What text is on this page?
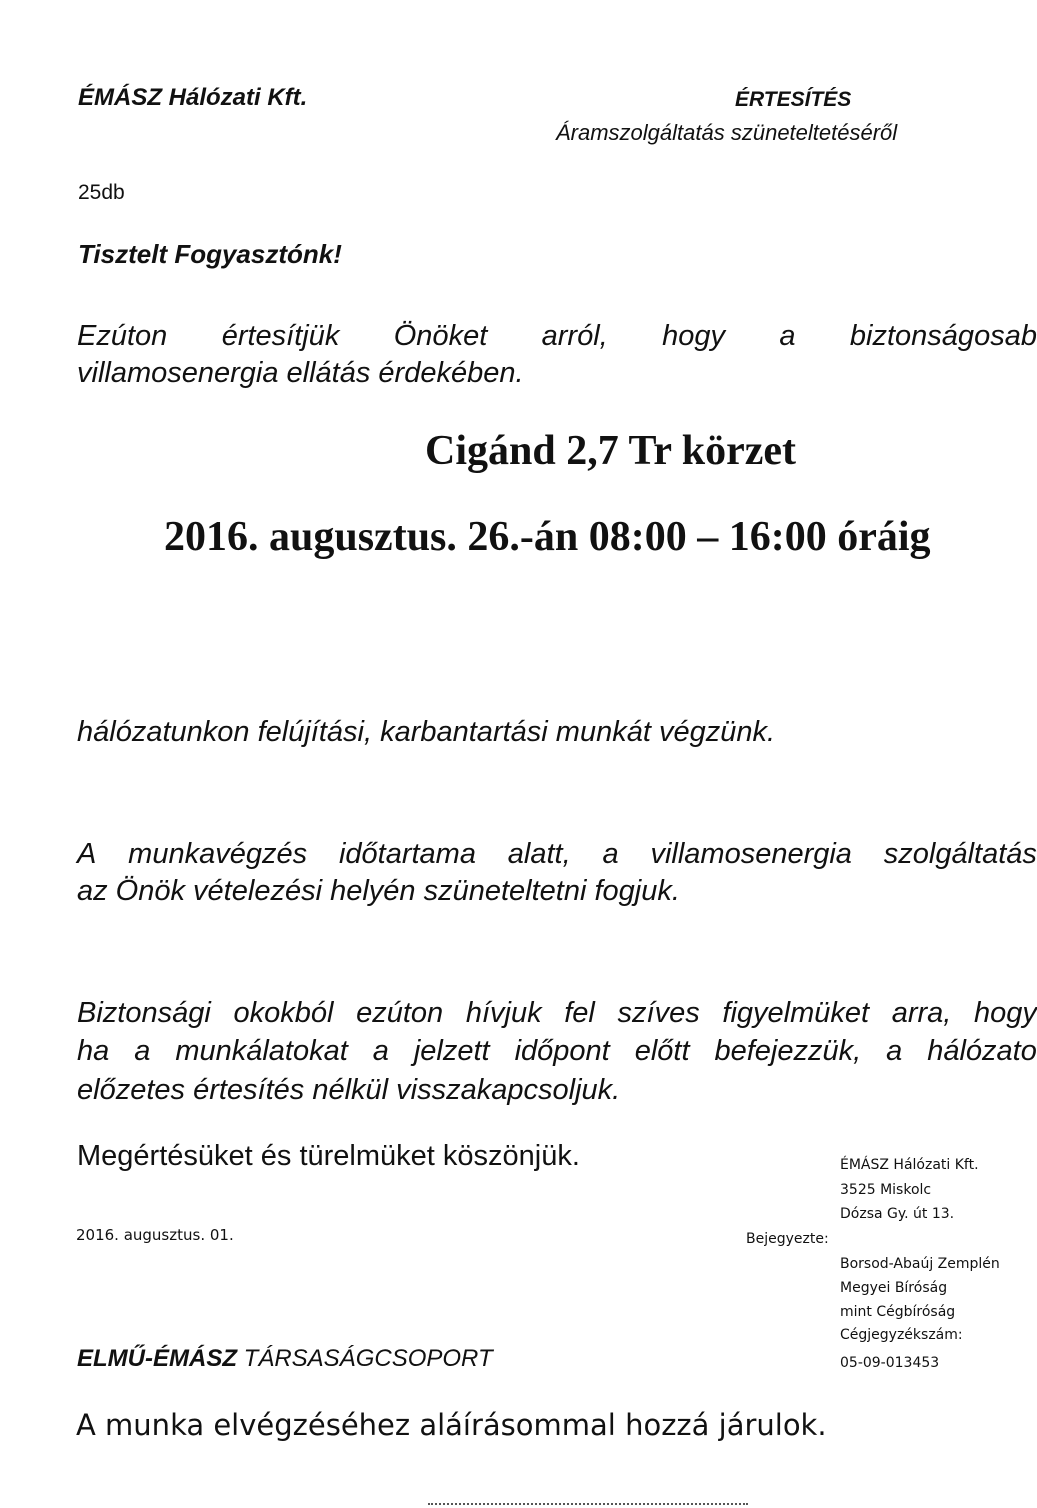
ÉMÁSZ Hálózati Kft.	ÉRTESÍTÉS
Áramszolgáltatás szüneteltetéséről
25db
Tisztelt Fogyasztónk!
Ezúton értesítjük Önöket arról, hogy a biztonságosab
villamosenergia ellátás érdekében.
Cigánd 2,7 Tr körzet
2016. augusztus. 26.-án 08:00 – 16:00 óráig
hálózatunkon felújítási, karbantartási munkát végzünk.
A munkavégzés időtartama alatt, a villamosenergia szolgáltatás
az Önök vételezési helyén szüneteltetni fogjuk.
Biztonsági okokból ezúton hívjuk fel szíves figyelmüket arra, hogy
ha a munkálatokat a jelzett időpont előtt befejezzük, a hálózato
előzetes értesítés nélkül visszakapcsoljuk.
Megértésüket és türelmüket köszönjük.
2016. augusztus. 01.
ÉMÁSZ Hálózati Kft.
3525 Miskolc
Dózsa Gy. út 13.
Bejegyezte:
Borsod-Abaúj Zemplén
Megyei Bíróság
mint Cégbíróság
Cégjegyzékszám:
05-09-013453
ELMŰ-ÉMÁSZ TÁRSASÁGCSOPORT
A munka elvégzéséhez aláírásommal hozzá járulok.
